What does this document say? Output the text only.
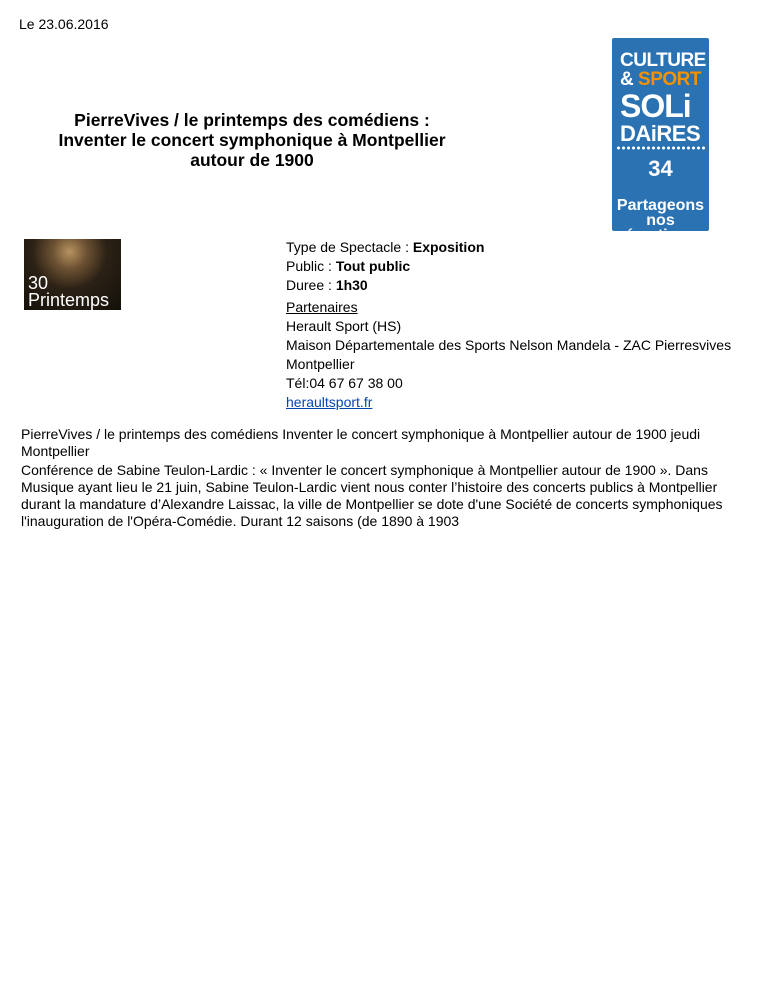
Le 23.06.2016
PierreVives / le printemps des comédiens :
Inventer le concert symphonique à Montpellier
autour de 1900
CULTURE
& SPORT
SOLi
DAiRES
34
Partageons
nos émotions
30
Printemps
Type de Spectacle : Exposition
Public : Tout public
Duree : 1h30
Partenaires
Herault Sport (HS)
Maison Départementale des Sports Nelson Mandela - ZAC Pierresvives
Montpellier
Tél:04 67 67 38 00
heraultsport.fr
PierreVives / le printemps des comédiens Inventer le concert symphonique à Montpellier autour de 1900 jeudi
Montpellier
Conférence de Sabine Teulon-Lardic : « Inventer le concert symphonique à Montpellier autour de 1900 ». Dans
Musique ayant lieu le 21 juin, Sabine Teulon-Lardic vient nous conter l’histoire des concerts publics à Montpellier
durant la mandature d’Alexandre Laissac, la ville de Montpellier se dote d'une Société de concerts symphoniques
l'inauguration de l'Opéra-Comédie. Durant 12 saisons (de 1890 à 1903
